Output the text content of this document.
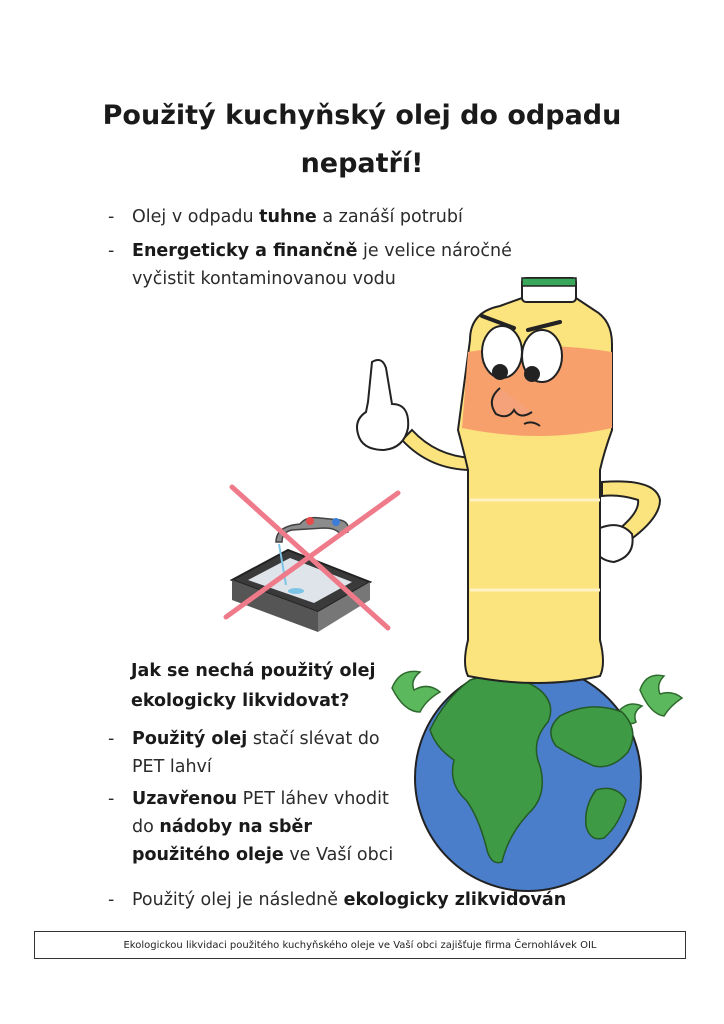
Použitý kuchyňský olej do odpadu
nepatří!
- Olej v odpadu tuhne a zanáší potrubí
- Energeticky a finančně je velice náročné vyčistit kontaminovanou vodu
Jak se nechá použitý olej
ekologicky likvidovat?
- Použitý olej stačí slévat do PET lahví
- Uzavřenou PET láhev vhodit do nádoby na sběr použitého oleje ve Vaší obci
- Použitý olej je následně ekologicky zlikvidován
Ekologickou likvidaci použitého kuchyňského oleje ve Vaší obci zajišťuje firma Černohlávek OIL
